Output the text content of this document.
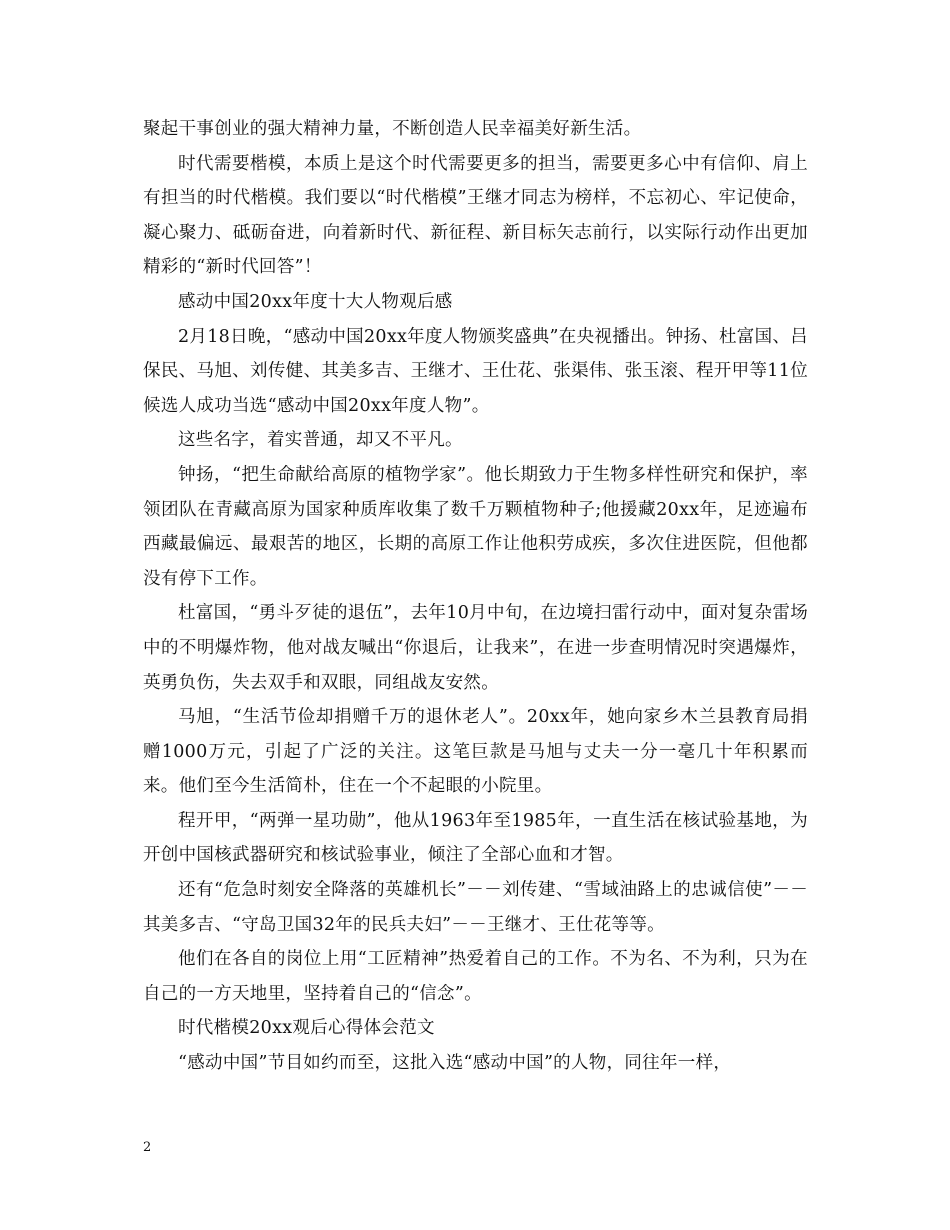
聚起干事创业的强大精神力量，不断创造人民幸福美好新生活。

时代需要楷模，本质上是这个时代需要更多的担当，需要更多心中有信仰、肩上有担当的时代楷模。我们要以“时代楷模”王继才同志为榜样，不忘初心、牢记使命，凝心聚力、砥砺奋进，向着新时代、新征程、新目标矢志前行，以实际行动作出更加精彩的“新时代回答”！

感动中国20xx年度十大人物观后感

2月18日晚，“感动中国20xx年度人物颁奖盛典”在央视播出。钟扬、杜富国、吕保民、马旭、刘传健、其美多吉、王继才、王仕花、张渠伟、张玉滚、程开甲等11位候选人成功当选“感动中国20xx年度人物”。

这些名字，着实普通，却又不平凡。

钟扬，“把生命献给高原的植物学家”。他长期致力于生物多样性研究和保护，率领团队在青藏高原为国家种质库收集了数千万颗植物种子;他援藏20xx年，足迹遍布西藏最偏远、最艰苦的地区，长期的高原工作让他积劳成疾，多次住进医院，但他都没有停下工作。

杜富国，“勇斗歹徒的退伍”，去年10月中旬，在边境扫雷行动中，面对复杂雷场中的不明爆炸物，他对战友喊出“你退后，让我来”，在进一步查明情况时突遇爆炸，英勇负伤，失去双手和双眼，同组战友安然。

马旭，“生活节俭却捐赠千万的退休老人”。20xx年，她向家乡木兰县教育局捐赠1000万元，引起了广泛的关注。这笔巨款是马旭与丈夫一分一毫几十年积累而来。他们至今生活简朴，住在一个不起眼的小院里。

程开甲，“两弹一星功勋”，他从1963年至1985年，一直生活在核试验基地，为开创中国核武器研究和核试验事业，倾注了全部心血和才智。

还有“危急时刻安全降落的英雄机长”－－刘传建、“雪域油路上的忠诚信使”－－其美多吉、“守岛卫国32年的民兵夫妇”－－王继才、王仕花等等。

他们在各自的岗位上用“工匠精神”热爱着自己的工作。不为名、不为利，只为在自己的一方天地里，坚持着自己的“信念”。

时代楷模20xx观后心得体会范文

“感动中国”节目如约而至，这批入选“感动中国”的人物，同往年一样，

2
